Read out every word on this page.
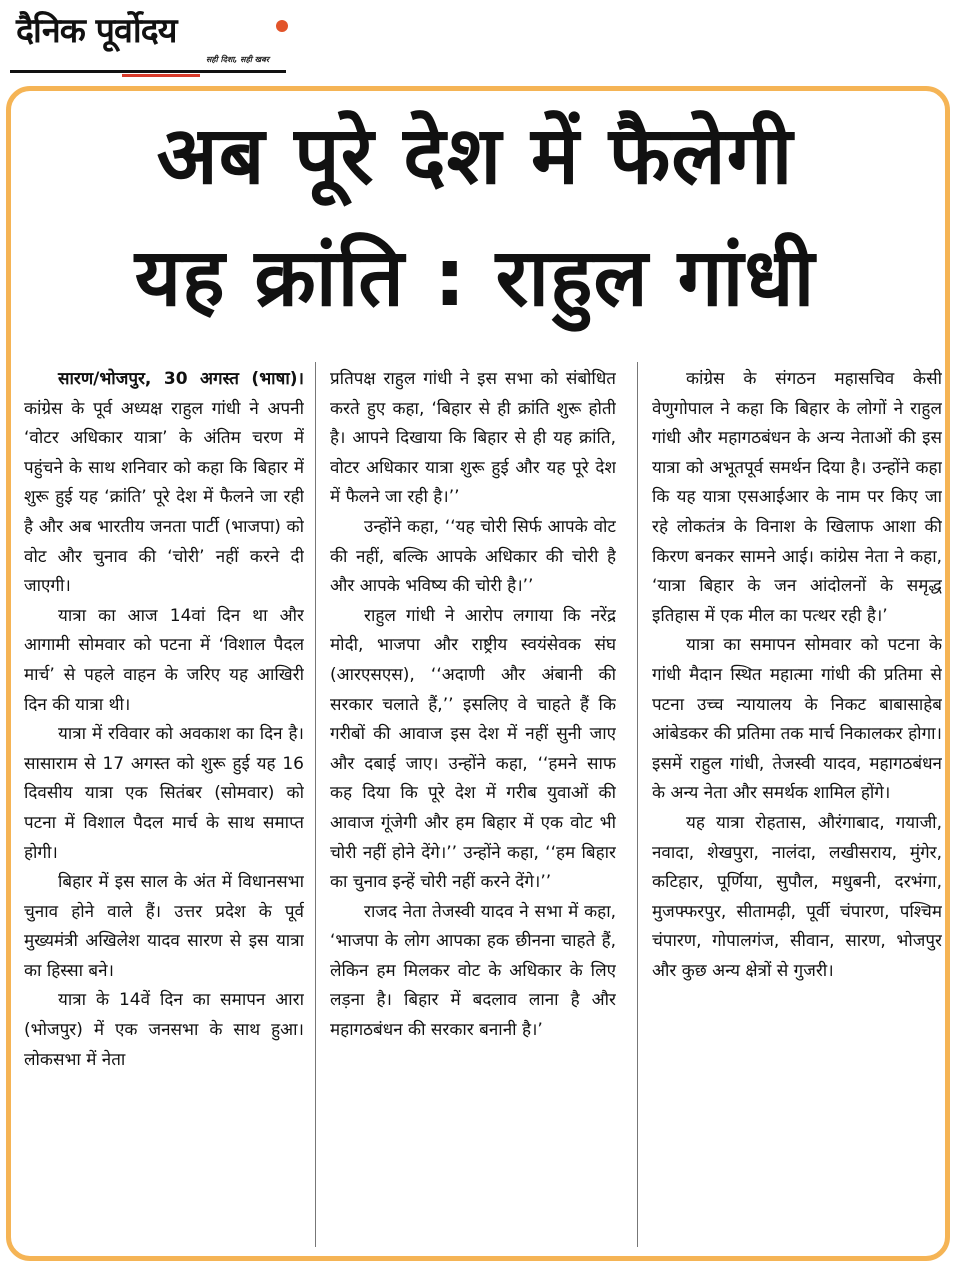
दैनिक पूर्वोदय
सही दिशा, सही खबर
अब पूरे देश में फैलेगी
यह क्रांति : राहुल गांधी

सारण/भोजपुर, 30 अगस्त (भाषा)। कांग्रेस के पूर्व अध्यक्ष राहुल गांधी ने अपनी ‘वोटर अधिकार यात्रा’ के अंतिम चरण में पहुंचने के साथ शनिवार को कहा कि बिहार में शुरू हुई यह ‘क्रांति’ पूरे देश में फैलने जा रही है और अब भारतीय जनता पार्टी (भाजपा) को वोट और चुनाव की ‘चोरी’ नहीं करने दी जाएगी।

यात्रा का आज 14वां दिन था और आगामी सोमवार को पटना में ‘विशाल पैदल मार्च’ से पहले वाहन के जरिए यह आखिरी दिन की यात्रा थी।

यात्रा में रविवार को अवकाश का दिन है। सासाराम से 17 अगस्त को शुरू हुई यह 16 दिवसीय यात्रा एक सितंबर (सोमवार) को पटना में विशाल पैदल मार्च के साथ समाप्त होगी।

बिहार में इस साल के अंत में विधानसभा चुनाव होने वाले हैं। उत्तर प्रदेश के पूर्व मुख्यमंत्री अखिलेश यादव सारण से इस यात्रा का हिस्सा बने।

यात्रा के 14वें दिन का समापन आरा (भोजपुर) में एक जनसभा के साथ हुआ। लोकसभा में नेता

प्रतिपक्ष राहुल गांधी ने इस सभा को संबोधित करते हुए कहा, ‘बिहार से ही क्रांति शुरू होती है। आपने दिखाया कि बिहार से ही यह क्रांति, वोटर अधिकार यात्रा शुरू हुई और यह पूरे देश में फैलने जा रही है।’’

उन्होंने कहा, ‘‘यह चोरी सिर्फ आपके वोट की नहीं, बल्कि आपके अधिकार की चोरी है और आपके भविष्य की चोरी है।’’

राहुल गांधी ने आरोप लगाया कि नरेंद्र मोदी, भाजपा और राष्ट्रीय स्वयंसेवक संघ (आरएसएस), ‘‘अदाणी और अंबानी की सरकार चलाते हैं,’’ इसलिए वे चाहते हैं कि गरीबों की आवाज इस देश में नहीं सुनी जाए और दबाई जाए। उन्होंने कहा, ‘‘हमने साफ कह दिया कि पूरे देश में गरीब युवाओं की आवाज गूंजेगी और हम बिहार में एक वोट भी चोरी नहीं होने देंगे।’’ उन्होंने कहा, ‘‘हम बिहार का चुनाव इन्हें चोरी नहीं करने देंगे।’’

राजद नेता तेजस्वी यादव ने सभा में कहा, ‘भाजपा के लोग आपका हक छीनना चाहते हैं, लेकिन हम मिलकर वोट के अधिकार के लिए लड़ना है। बिहार में बदलाव लाना है और महागठबंधन की सरकार बनानी है।’

कांग्रेस के संगठन महासचिव केसी वेणुगोपाल ने कहा कि बिहार के लोगों ने राहुल गांधी और महागठबंधन के अन्य नेताओं की इस यात्रा को अभूतपूर्व समर्थन दिया है। उन्होंने कहा कि यह यात्रा एसआईआर के नाम पर किए जा रहे लोकतंत्र के विनाश के खिलाफ आशा की किरण बनकर सामने आई। कांग्रेस नेता ने कहा, ‘यात्रा बिहार के जन आंदोलनों के समृद्ध इतिहास में एक मील का पत्थर रही है।’

यात्रा का समापन सोमवार को पटना के गांधी मैदान स्थित महात्मा गांधी की प्रतिमा से पटना उच्च न्यायालय के निकट बाबासाहेब आंबेडकर की प्रतिमा तक मार्च निकालकर होगा। इसमें राहुल गांधी, तेजस्वी यादव, महागठबंधन के अन्य नेता और समर्थक शामिल होंगे।

यह यात्रा रोहतास, औरंगाबाद, गयाजी, नवादा, शेखपुरा, नालंदा, लखीसराय, मुंगेर, कटिहार, पूर्णिया, सुपौल, मधुबनी, दरभंगा, मुजफ्फरपुर, सीतामढ़ी, पूर्वी चंपारण, पश्चिम चंपारण, गोपालगंज, सीवान, सारण, भोजपुर और कुछ अन्य क्षेत्रों से गुजरी।
